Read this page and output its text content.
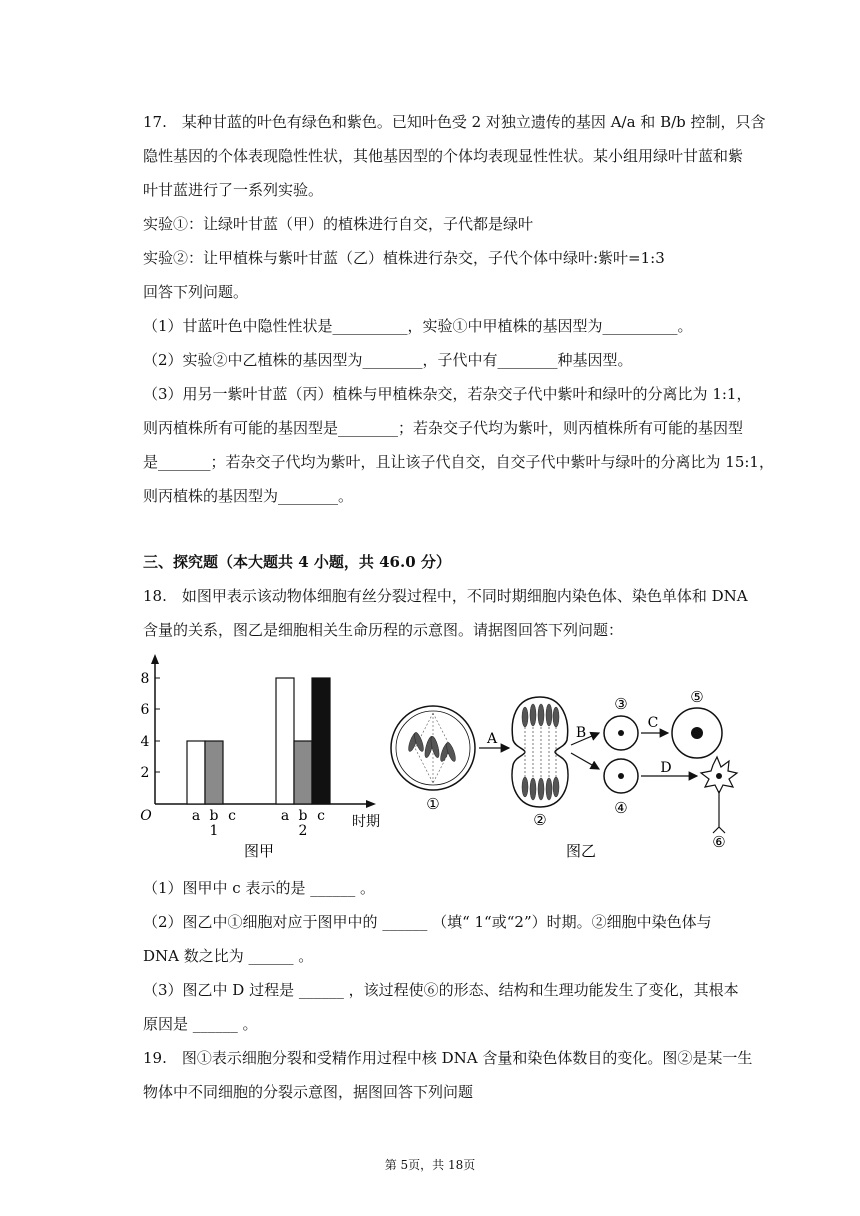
17.　某种甘蓝的叶色有绿色和紫色。已知叶色受 2 对独立遗传的基因 A/a 和 B/b 控制，只含
隐性基因的个体表现隐性性状，其他基因型的个体均表现显性性状。某小组用绿叶甘蓝和紫
叶甘蓝进行了一系列实验。
实验①：让绿叶甘蓝（甲）的植株进行自交，子代都是绿叶
实验②：让甲植株与紫叶甘蓝（乙）植株进行杂交，子代个体中绿叶:紫叶=1:3
回答下列问题。
（1）甘蓝叶色中隐性性状是__________，实验①中甲植株的基因型为__________。
（2）实验②中乙植株的基因型为________，子代中有________种基因型。
（3）用另一紫叶甘蓝（丙）植株与甲植株杂交，若杂交子代中紫叶和绿叶的分离比为 1:1，
则丙植株所有可能的基因型是________；若杂交子代均为紫叶，则丙植株所有可能的基因型
是_______；若杂交子代均为紫叶，且让该子代自交，自交子代中紫叶与绿叶的分离比为 15:1，
则丙植株的基因型为________。
三、探究题（本大题共 4 小题，共 46.0 分）
18.　如图甲表示该动物体细胞有丝分裂过程中，不同时期细胞内染色体、染色单体和 DNA
含量的关系，图乙是细胞相关生命历程的示意图。请据图回答下列问题：
2
4
6
8
O	时期
a b c
1
a b c
2
图甲
①
A
②
B
③
④
C
⑤
D
⑥
图乙
（1）图甲中 c 表示的是 ______ 。
（2）图乙中①细胞对应于图甲中的 ______ （填“ 1“或“2”）时期。②细胞中染色体与
DNA 数之比为 ______ 。
（3）图乙中 D 过程是 ______ ，该过程使⑥的形态、结构和生理功能发生了变化，其根本
原因是 ______ 。
19.　图①表示细胞分裂和受精作用过程中核 DNA 含量和染色体数目的变化。图②是某一生
物体中不同细胞的分裂示意图，据图回答下列问题
第 5页，共 18页
